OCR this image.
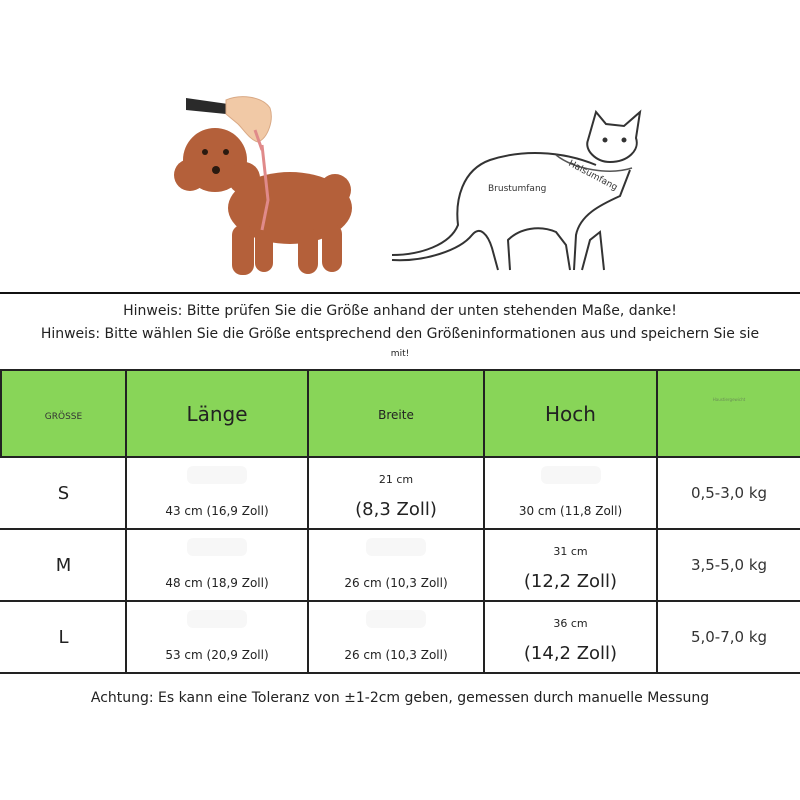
Brustumfang Halsumfang
Hinweis: Bitte prüfen Sie die Größe anhand der unten stehenden Maße, danke!
Hinweis: Bitte wählen Sie die Größe entsprechend den Größeninformationen aus und speichern Sie sie
mit!
GRÖSSE	Länge	Breite	Hoch	Haustiergewicht

S	43 cm (16,9 Zoll)	21 cm
(8,3 Zoll)	30 cm (11,8 Zoll)	0,5-3,0 kg
M	48 cm (18,9 Zoll)	26 cm (10,3 Zoll)	31 cm
(12,2 Zoll)	3,5-5,0 kg
L	53 cm (20,9 Zoll)	26 cm (10,3 Zoll)	36 cm
(14,2 Zoll)	5,0-7,0 kg
Achtung: Es kann eine Toleranz von ±1-2cm geben, gemessen durch manuelle Messung
